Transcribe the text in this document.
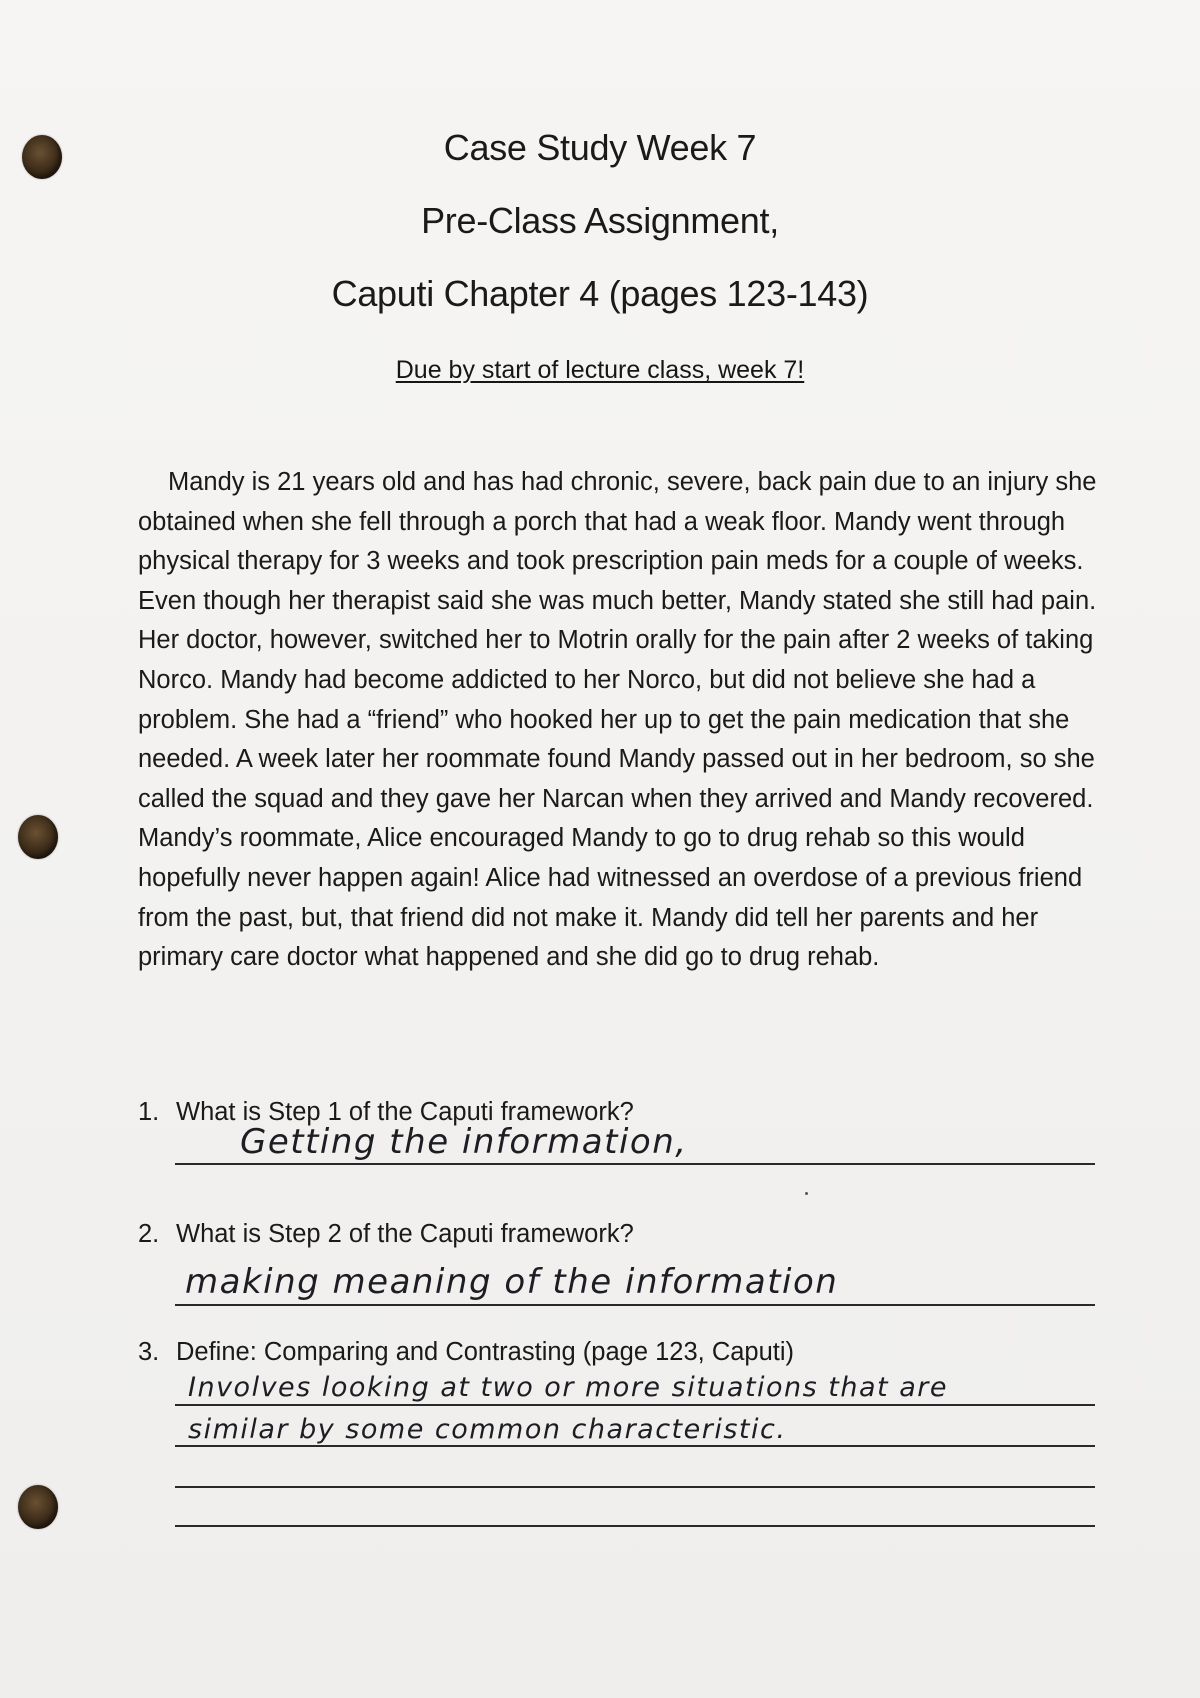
Case Study Week 7
Pre-Class Assignment,
Caputi Chapter 4 (pages 123-143)
Due by start of lecture class, week 7!

Mandy is 21 years old and has had chronic, severe, back pain due to an injury she obtained when she fell through a porch that had a weak floor. Mandy went through physical therapy for 3 weeks and took prescription pain meds for a couple of weeks. Even though her therapist said she was much better, Mandy stated she still had pain. Her doctor, however, switched her to Motrin orally for the pain after 2 weeks of taking Norco. Mandy had become addicted to her Norco, but did not believe she had a problem. She had a “friend” who hooked her up to get the pain medication that she needed. A week later her roommate found Mandy passed out in her bedroom, so she called the squad and they gave her Narcan when they arrived and Mandy recovered. Mandy’s roommate, Alice encouraged Mandy to go to drug rehab so this would hopefully never happen again! Alice had witnessed an overdose of a previous friend from the past, but, that friend did not make it. Mandy did tell her parents and her primary care doctor what happened and she did go to drug rehab.

1. What is Step 1 of the Caputi framework?
Getting the information,
2. What is Step 2 of the Caputi framework?
making meaning of the information
3. Define: Comparing and Contrasting (page 123, Caputi)
Involves looking at two or more situations that are
similar by some common characteristic.
